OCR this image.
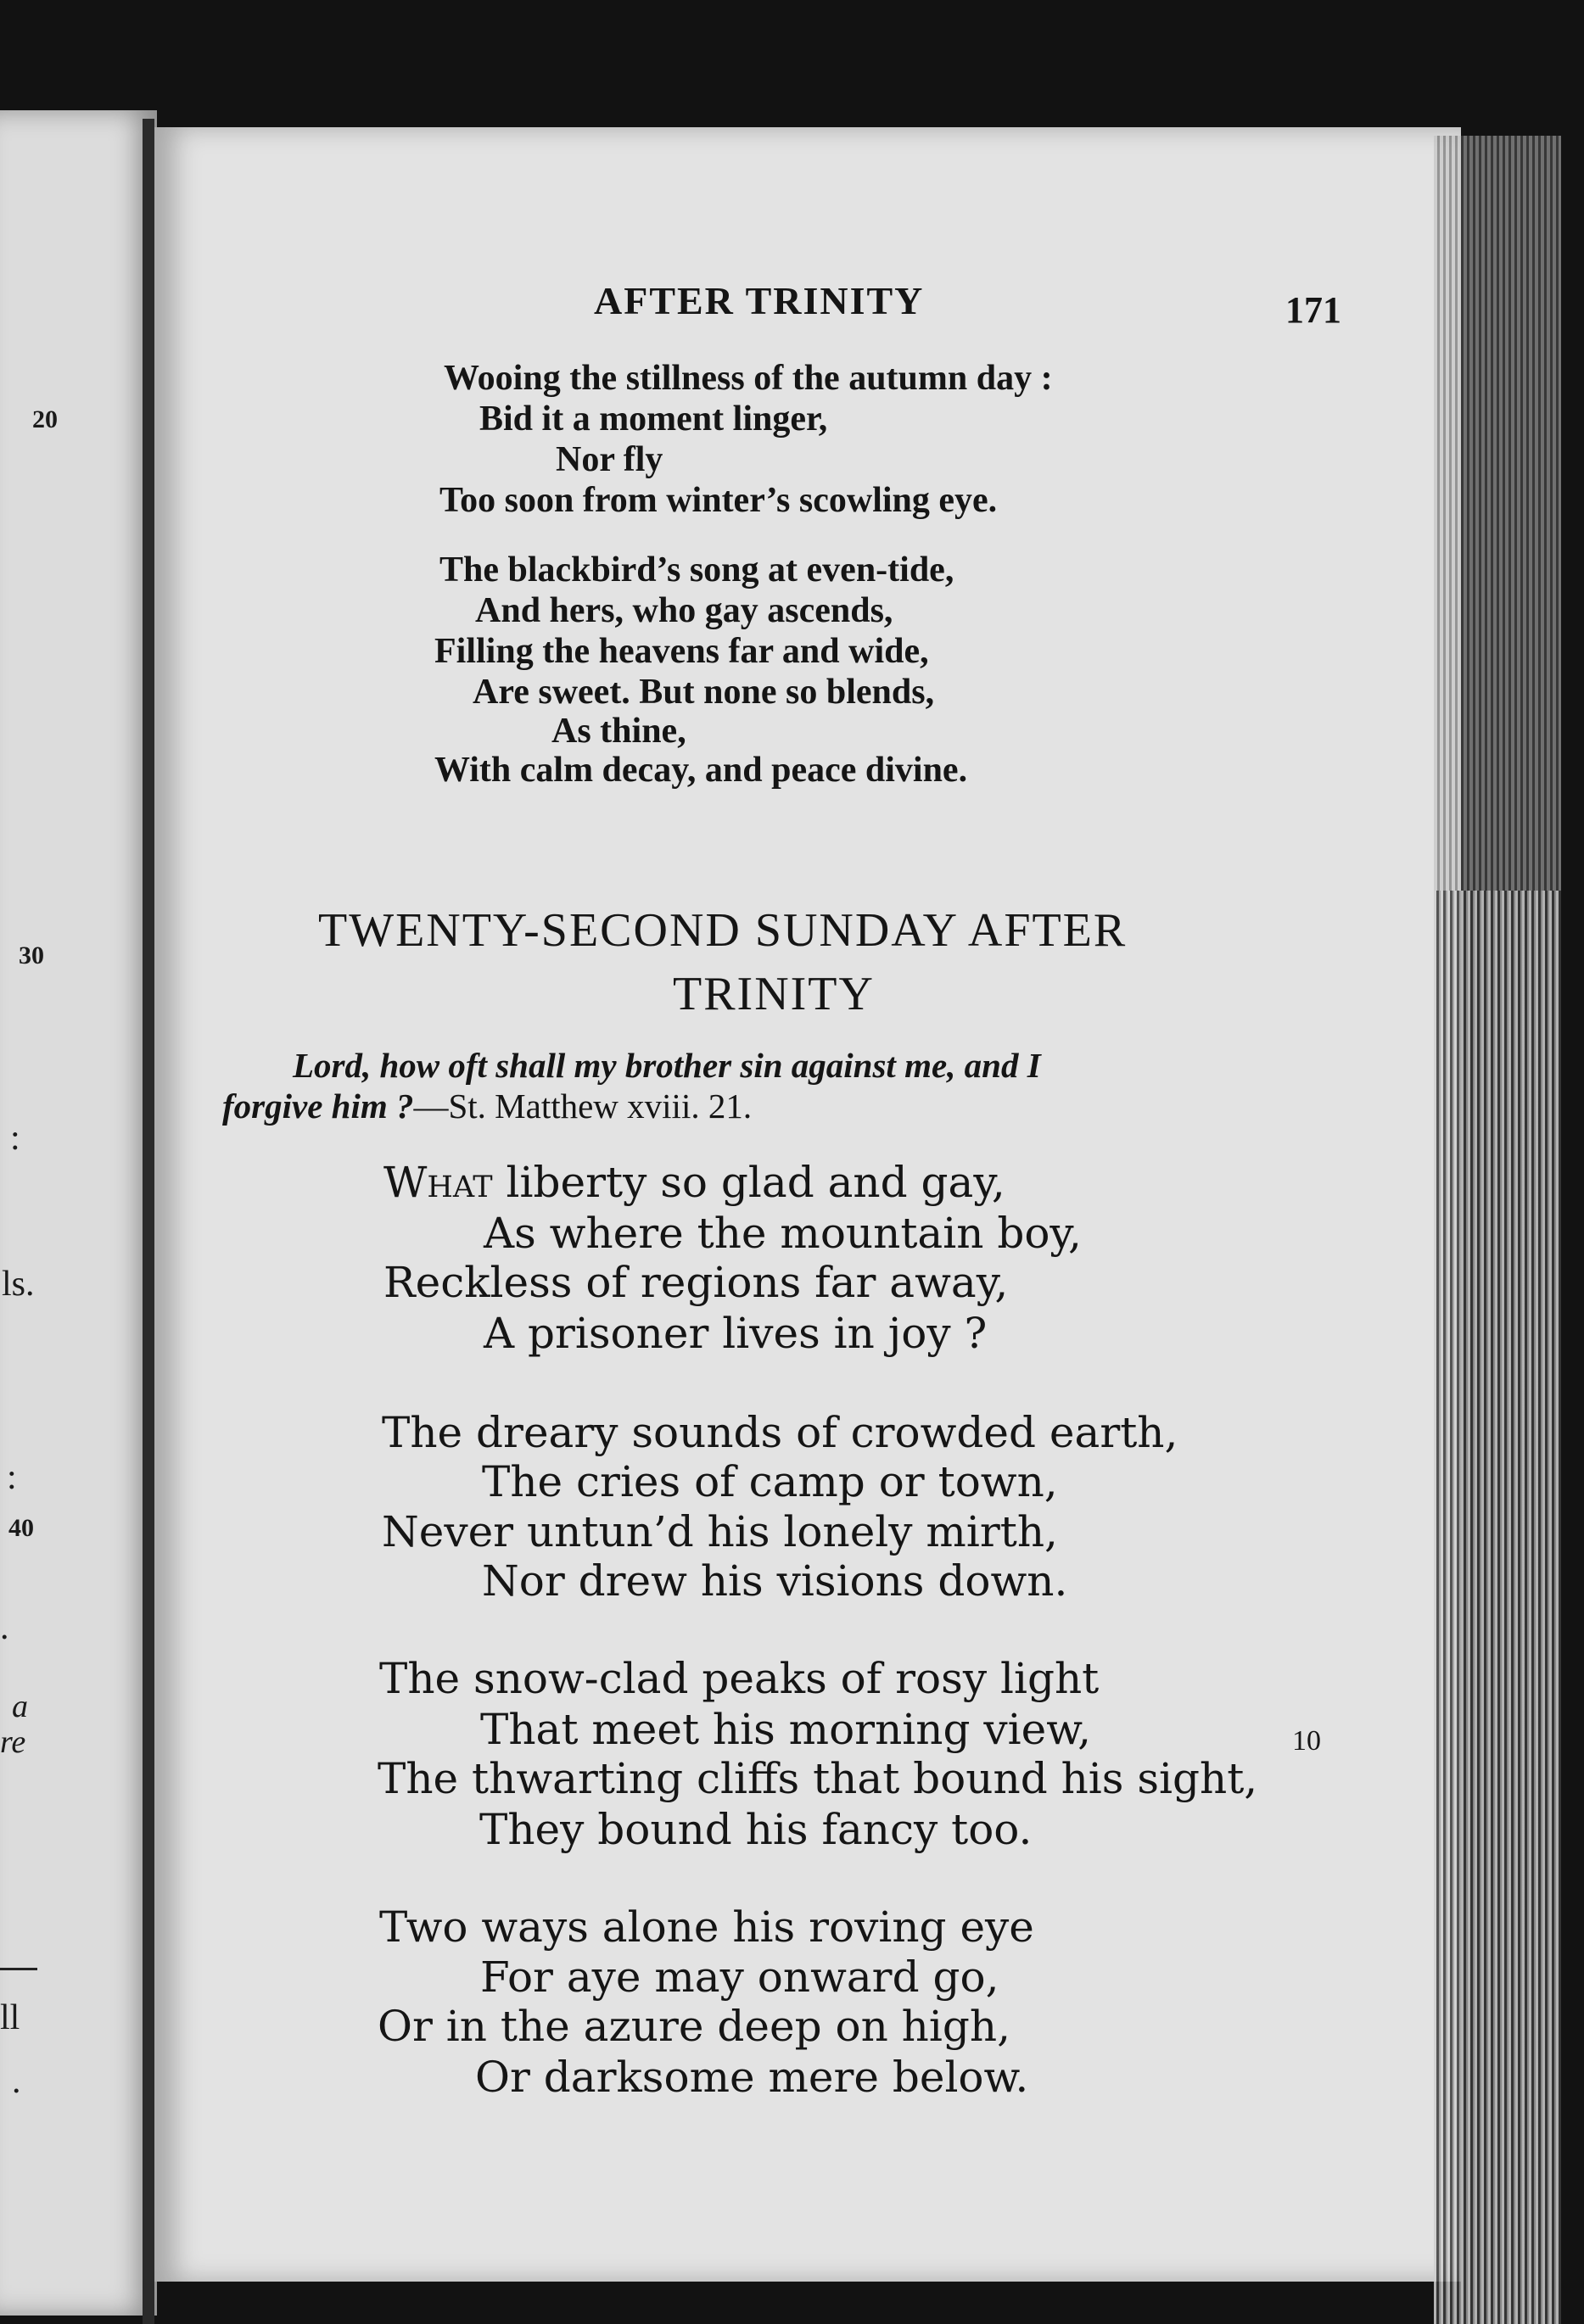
20
30
:
ls.
:
40
.
a
re
ll
.
AFTER TRINITY	171
Wooing the stillness of the autumn day :
Bid it a moment linger,
Nor fly
Too soon from winter’s scowling eye.
The blackbird’s song at even-tide,
And hers, who gay ascends,
Filling the heavens far and wide,
Are sweet. But none so blends,
As thine,
With calm decay, and peace divine.
TWENTY-SECOND SUNDAY AFTER
TRINITY
Lord, how oft shall my brother sin against me, and I
forgive him ?—St. Matthew xviii. 21.
What liberty so glad and gay,
As where the mountain boy,
Reckless of regions far away,
A prisoner lives in joy ?
The dreary sounds of crowded earth,
The cries of camp or town,
Never untun’d his lonely mirth,
Nor drew his visions down.
The snow-clad peaks of rosy light
That meet his morning view,	10
The thwarting cliffs that bound his sight,
They bound his fancy too.
Two ways alone his roving eye
For aye may onward go,
Or in the azure deep on high,
Or darksome mere below.
